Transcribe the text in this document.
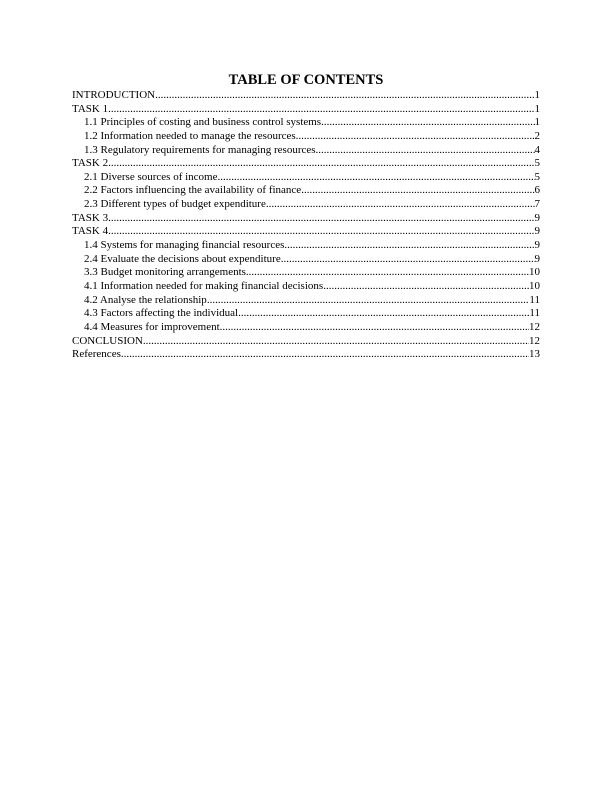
TABLE OF CONTENTS
INTRODUCTION .....	1
TASK 1 .....	1
1.1 Principles of costing and business control systems .....	1
1.2 Information needed to manage the resources .....	2
1.3 Regulatory requirements for managing resources .....	4
TASK 2 .....	5
2.1 Diverse sources of income .....	5
2.2 Factors influencing the availability of finance .....	6
2.3 Different types of budget expenditure .....	7
TASK 3 .....	9
TASK 4 .....	9
1.4 Systems for managing financial resources .....	9
2.4 Evaluate the decisions about expenditure .....	9
3.3 Budget monitoring arrangements .....	10
4.1 Information needed for making financial decisions .....	10
4.2 Analyse the relationship .....	11
4.3 Factors affecting the individual .....	11
4.4 Measures for improvement .....	12
CONCLUSION .....	12
References .....	13
